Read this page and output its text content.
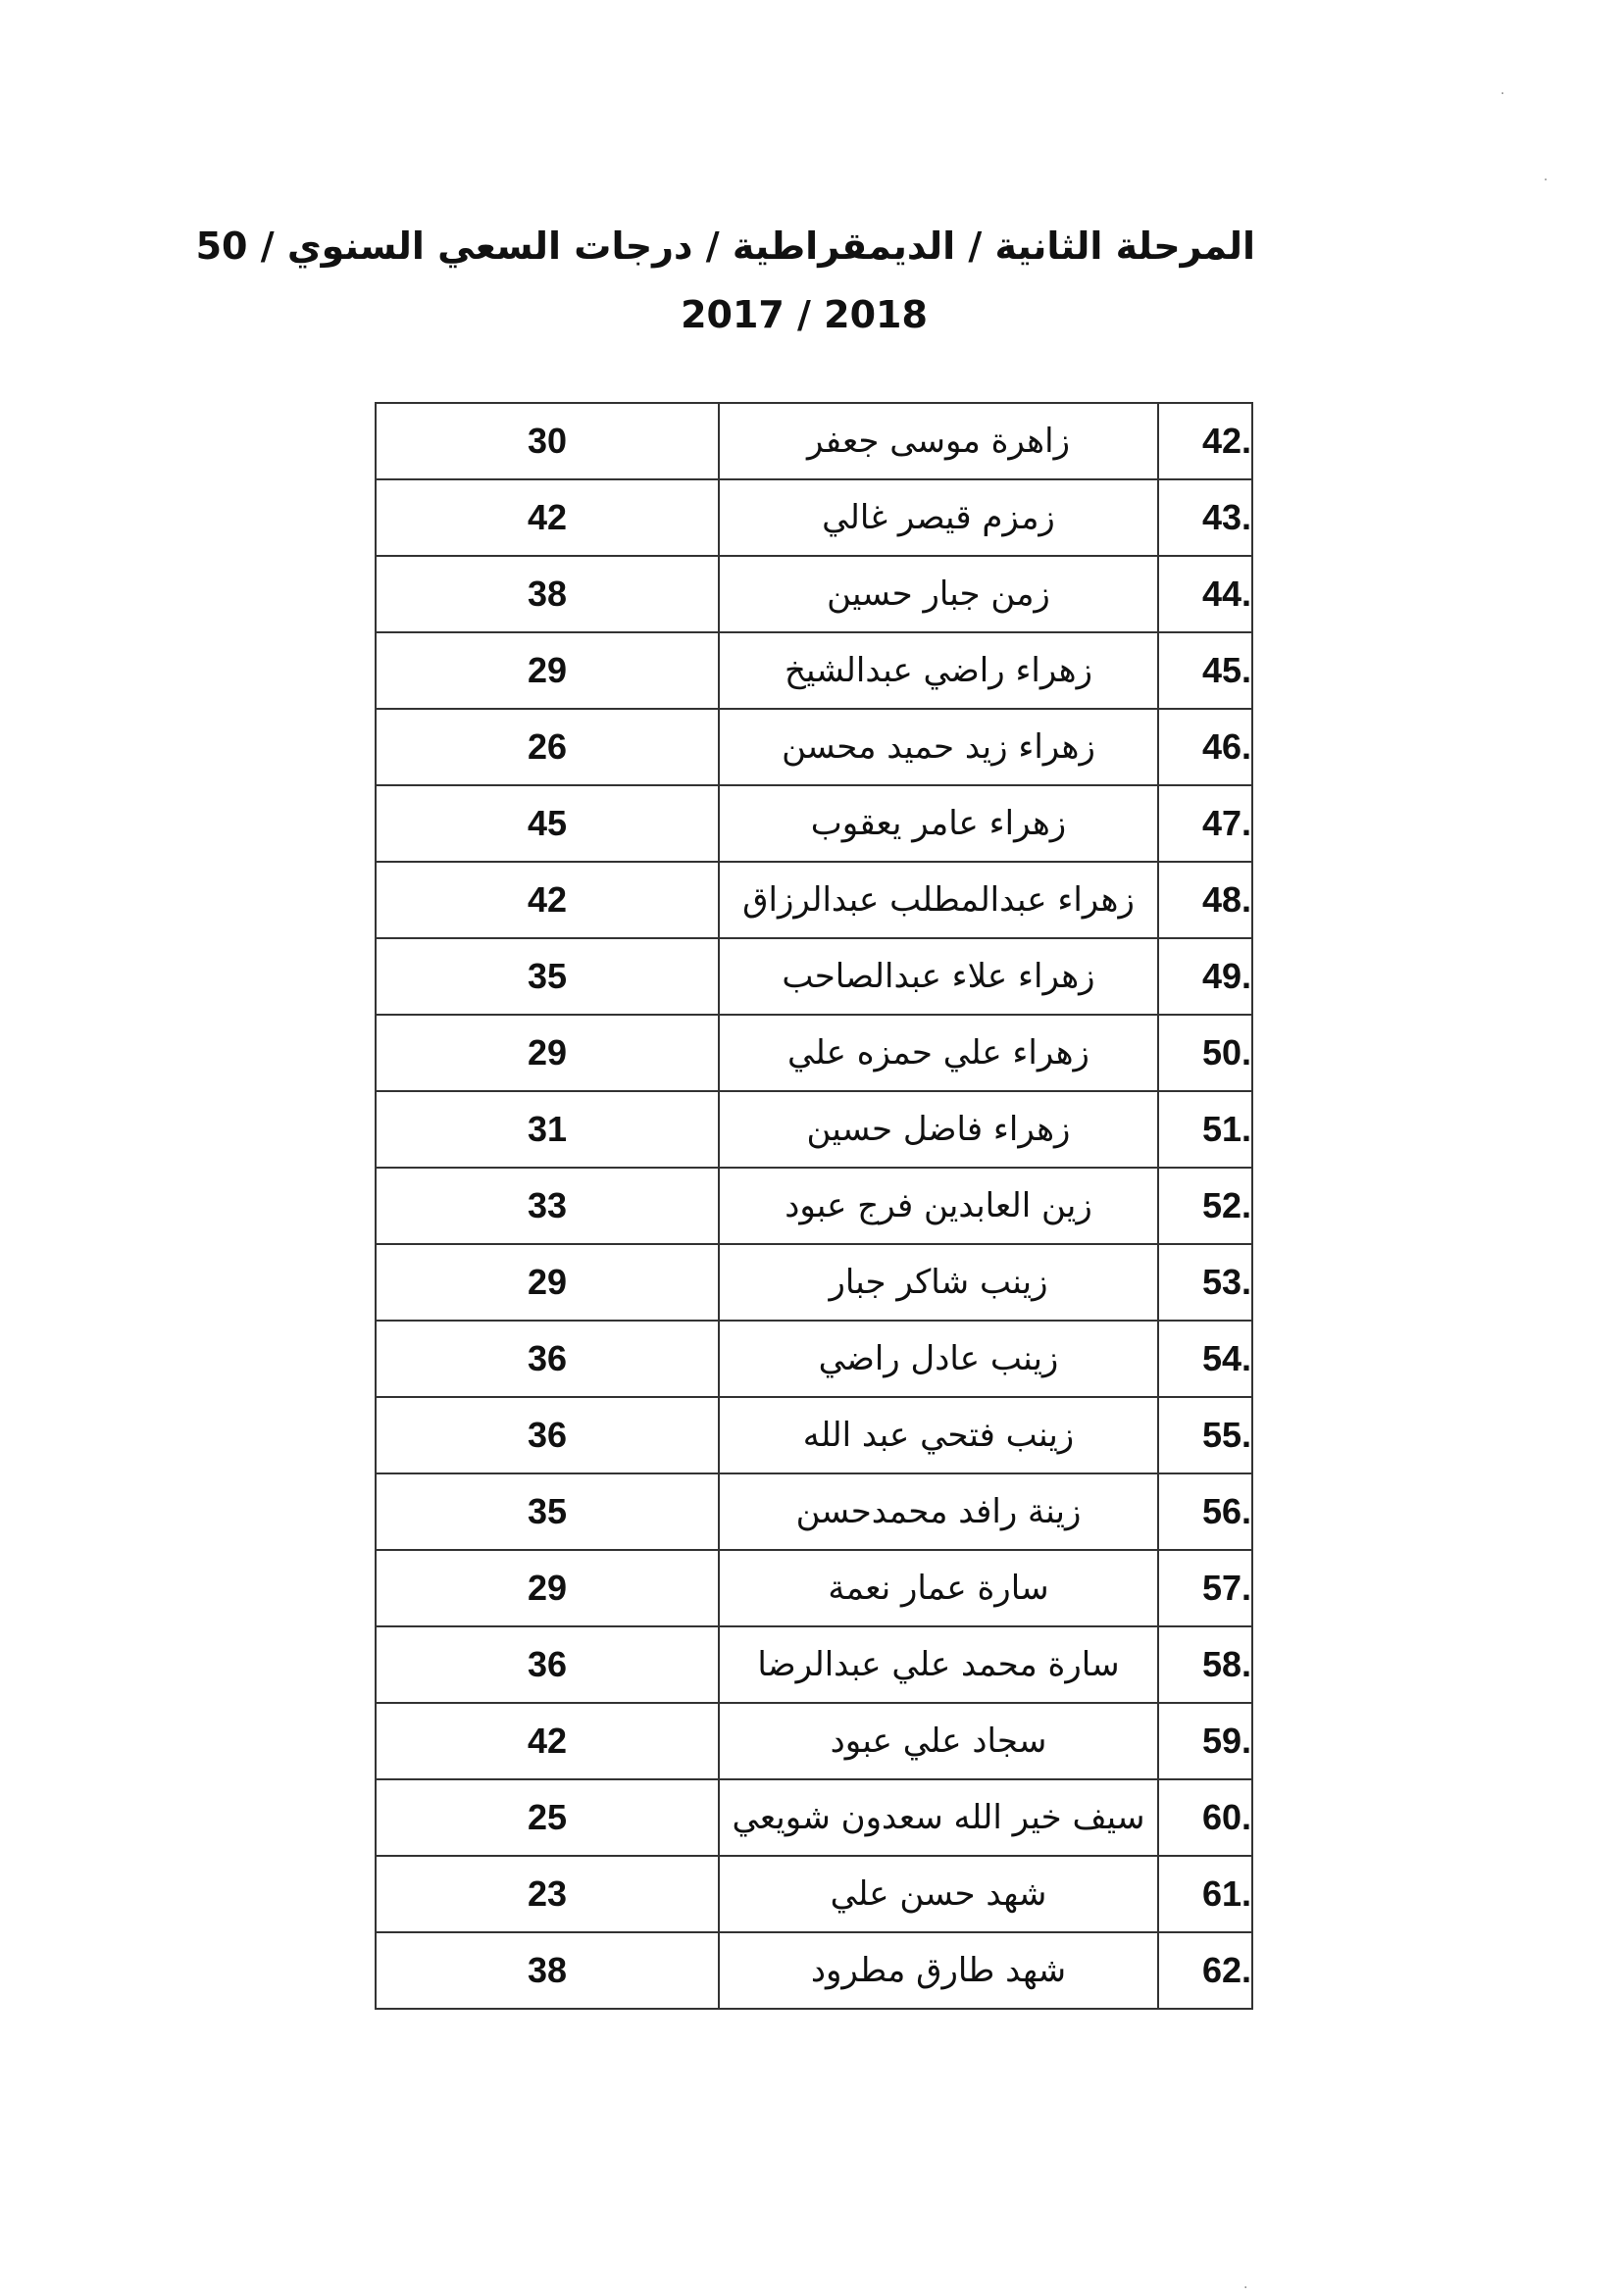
المرحلة الثانية / الديمقراطية / درجات السعي السنوي / 50
2017 / 2018
42.	زاهرة موسى جعفر	30
43.	زمزم قيصر غالي	42
44.	زمن جبار حسين	38
45.	زهراء راضي عبدالشيخ	29
46.	زهراء زيد حميد محسن	26
47.	زهراء عامر يعقوب	45
48.	زهراء عبدالمطلب عبدالرزاق	42
49.	زهراء علاء عبدالصاحب	35
50.	زهراء علي حمزه علي	29
51.	زهراء فاضل حسين	31
52.	زين العابدين فرج عبود	33
53.	زينب شاكر جبار	29
54.	زينب عادل راضي	36
55.	زينب فتحي عبد الله	36
56.	زينة رافد محمدحسن	35
57.	سارة عمار نعمة	29
58.	سارة محمد علي عبدالرضا	36
59.	سجاد علي عبود	42
60.	سيف خير الله سعدون شويعي	25
61.	شهد حسن علي	23
62.	شهد طارق مطرود	38
·
·
·
